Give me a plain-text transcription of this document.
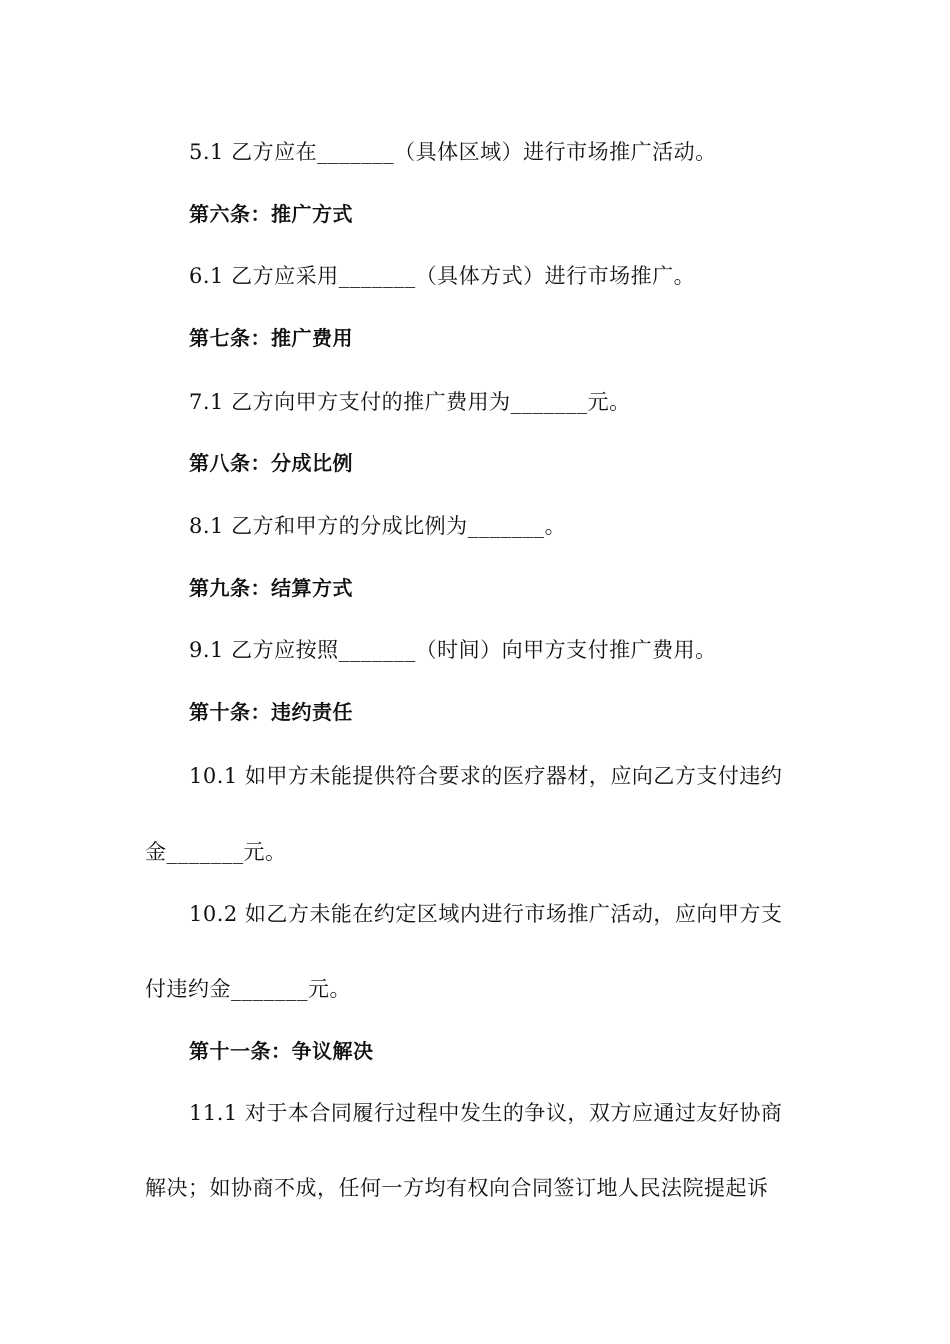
5.1 乙方应在_______（具体区域）进行市场推广活动。
第六条：推广方式
6.1 乙方应采用_______（具体方式）进行市场推广。
第七条：推广费用
7.1 乙方向甲方支付的推广费用为_______元。
第八条：分成比例
8.1 乙方和甲方的分成比例为_______。
第九条：结算方式
9.1 乙方应按照_______（时间）向甲方支付推广费用。
第十条：违约责任
10.1 如甲方未能提供符合要求的医疗器材，应向乙方支付违约
金_______元。
10.2 如乙方未能在约定区域内进行市场推广活动，应向甲方支
付违约金_______元。
第十一条：争议解决
11.1 对于本合同履行过程中发生的争议，双方应通过友好协商
解决；如协商不成，任何一方均有权向合同签订地人民法院提起诉
